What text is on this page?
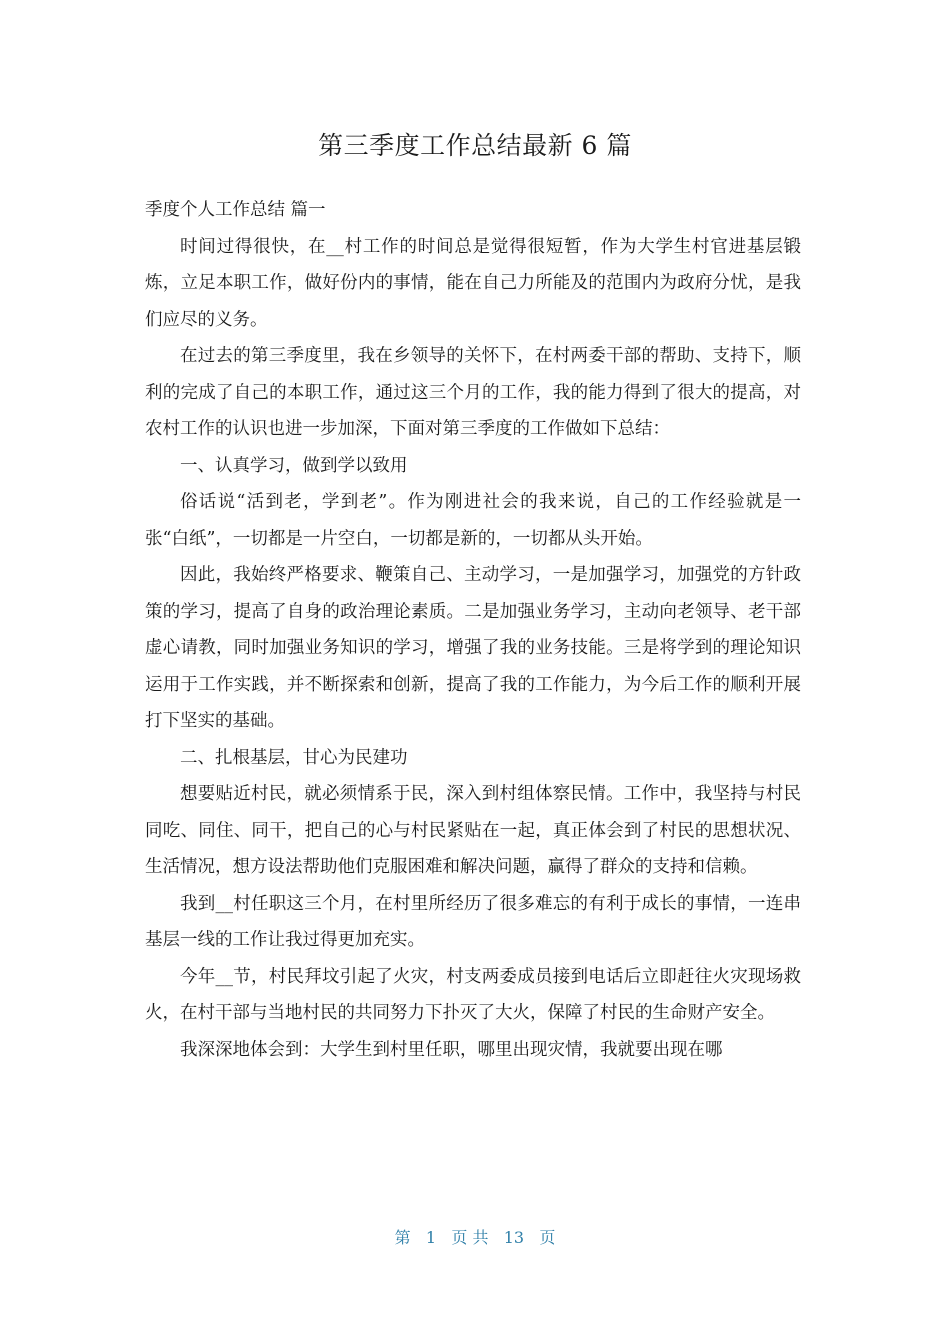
第三季度工作总结最新 6 篇

季度个人工作总结 篇一

时间过得很快，在__村工作的时间总是觉得很短暂，作为大学生村官进基层锻炼，立足本职工作，做好份内的事情，能在自己力所能及的范围内为政府分忧，是我们应尽的义务。

在过去的第三季度里，我在乡领导的关怀下，在村两委干部的帮助、支持下，顺利的完成了自己的本职工作，通过这三个月的工作，我的能力得到了很大的提高，对农村工作的认识也进一步加深，下面对第三季度的工作做如下总结：

一、认真学习，做到学以致用

俗话说“活到老，学到老”。作为刚进社会的我来说，自己的工作经验就是一张“白纸”，一切都是一片空白，一切都是新的，一切都从头开始。

因此，我始终严格要求、鞭策自己、主动学习，一是加强学习，加强党的方针政策的学习，提高了自身的政治理论素质。二是加强业务学习，主动向老领导、老干部虚心请教，同时加强业务知识的学习，增强了我的业务技能。三是将学到的理论知识运用于工作实践，并不断探索和创新，提高了我的工作能力，为今后工作的顺利开展打下坚实的基础。

二、扎根基层，甘心为民建功

想要贴近村民，就必须情系于民，深入到村组体察民情。工作中，我坚持与村民同吃、同住、同干，把自己的心与村民紧贴在一起，真正体会到了村民的思想状况、生活情况，想方设法帮助他们克服困难和解决问题，赢得了群众的支持和信赖。

我到__村任职这三个月，在村里所经历了很多难忘的有利于成长的事情，一连串基层一线的工作让我过得更加充实。

今年__节，村民拜坟引起了火灾，村支两委成员接到电话后立即赶往火灾现场救火，在村干部与当地村民的共同努力下扑灭了大火，保障了村民的生命财产安全。

我深深地体会到：大学生到村里任职，哪里出现灾情，我就要出现在哪

第   1   页 共   13   页
